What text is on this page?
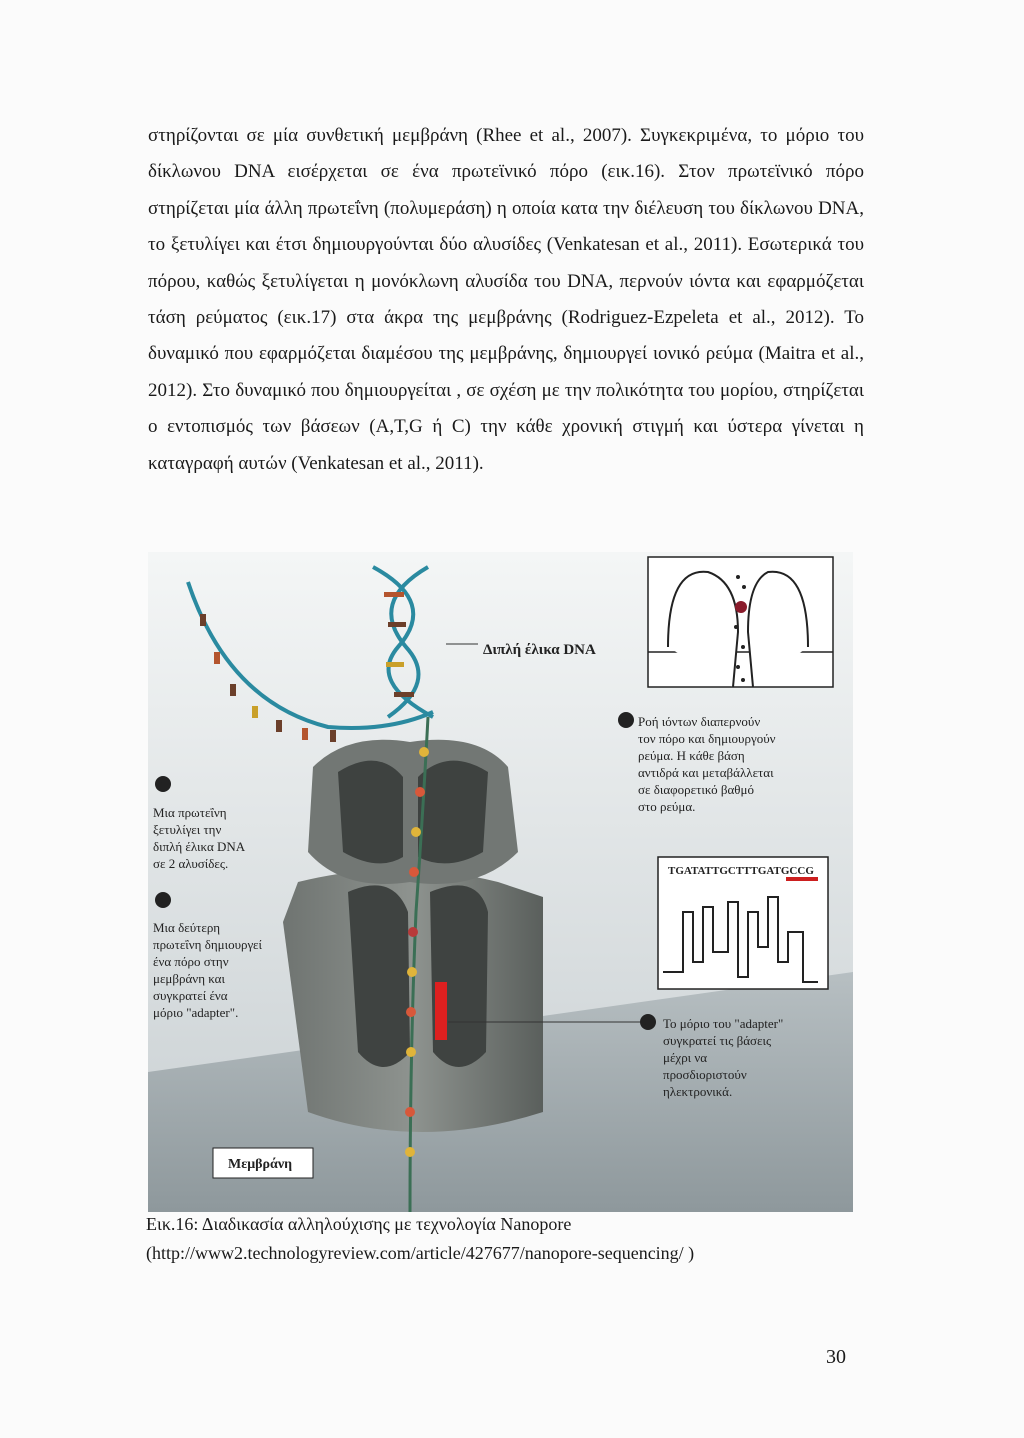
στηρίζονται σε μία συνθετική μεμβράνη (Rhee et al., 2007). Συγκεκριμένα, το μόριο του δίκλωνου DNA εισέρχεται σε ένα πρωτεϊνικό πόρο (εικ.16). Στον πρωτεϊνικό πόρο στηρίζεται μία άλλη πρωτεΐνη (πολυμεράση) η οποία κατα την διέλευση του δίκλωνου DNA, το ξετυλίγει και έτσι δημιουργούνται δύο αλυσίδες (Venkatesan et al., 2011). Εσωτερικά του πόρου, καθώς ξετυλίγεται η μονόκλωνη αλυσίδα του DNA, περνούν ιόντα και εφαρμόζεται τάση ρεύματος (εικ.17) στα άκρα της μεμβράνης (Rodriguez-Ezpeleta et al., 2012). Το δυναμικό που εφαρμόζεται διαμέσου της μεμβράνης, δημιουργεί ιονικό ρεύμα (Maitra et al., 2012). Στο δυναμικό που δημιουργείται , σε σχέση με την πολικότητα του μορίου, στηρίζεται ο εντοπισμός των βάσεων (A,T,G ή C) την κάθε χρονική στιγμή και ύστερα γίνεται η καταγραφή αυτών (Venkatesan et al., 2011).

Διπλή έλικα DNA
TGATATTGCTTTGATGCCG
1
Μια πρωτεΐνη
ξετυλίγει την
διπλή έλικα DNA
σε 2 αλυσίδες.
2
Μια δεύτερη
πρωτεΐνη δημιουργεί
ένα πόρο στην
μεμβράνη και
συγκρατεί ένα
μόριο "adapter".
3 Ροή ιόντων διαπερνούν
τον πόρο και δημιουργούν
ρεύμα. Η κάθε βάση
αντιδρά και μεταβάλλεται
σε διαφορετικό βαθμό
στο ρεύμα.
4 Το μόριο του "adapter"
συγκρατεί τις βάσεις
μέχρι να
προσδιοριστούν
ηλεκτρονικά.
Μεμβράνη
Εικ.16: Διαδικασία αλληλούχισης με τεχνολογία Nanopore
(http://www2.technologyreview.com/article/427677/nanopore-sequencing/ )
30
